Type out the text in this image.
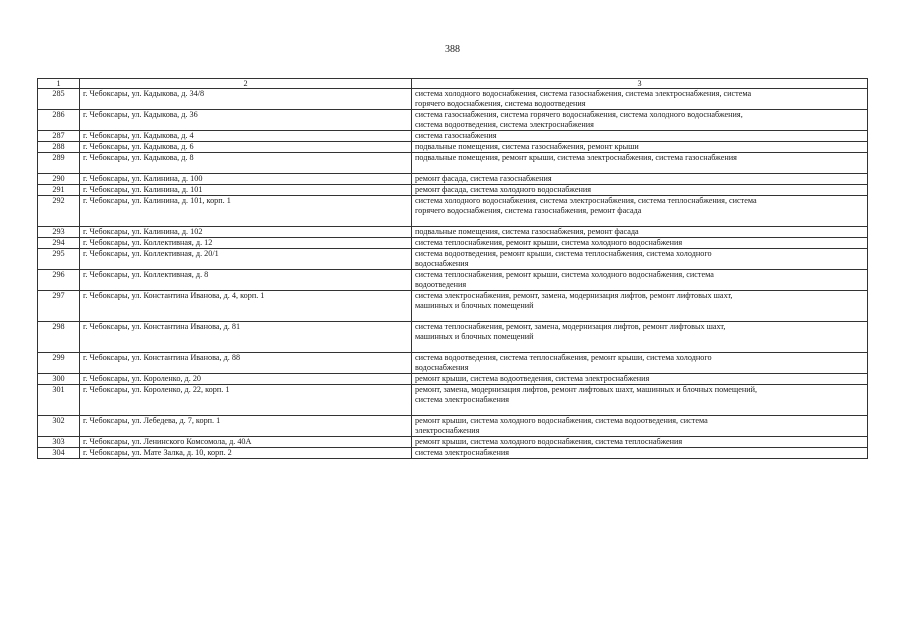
388
1	2	3
285	г. Чебоксары, ул. Кадыкова, д. 34/8	система холодного водоснабжения, система газоснабжения, система электроснабжения, система
горячего водоснабжения, система водоотведения

286	г. Чебоксары, ул. Кадыкова, д. 36	система газоснабжения, система горячего водоснабжения, система холодного водоснабжения,
система водоотведения, система электроснабжения

287	г. Чебоксары, ул. Кадыкова, д. 4	система газоснабжения

288	г. Чебоксары, ул. Кадыкова, д. 6	подвальные помещения, система газоснабжения, ремонт крыши

289	г. Чебоксары, ул. Кадыкова, д. 8	подвальные помещения, ремонт крыши, система электроснабжения, система газоснабжения

290	г. Чебоксары, ул. Калинина, д. 100	ремонт фасада, система газоснабжения

291	г. Чебоксары, ул. Калинина, д. 101	ремонт фасада, система холодного водоснабжения

292	г. Чебоксары, ул. Калинина, д. 101, корп. 1	система холодного водоснабжения, система электроснабжения, система теплоснабжения, система
горячего водоснабжения, система газоснабжения, ремонт фасада

293	г. Чебоксары, ул. Калинина, д. 102	подвальные помещения, система газоснабжения, ремонт фасада

294	г. Чебоксары, ул. Коллективная, д. 12	система теплоснабжения, ремонт крыши, система холодного водоснабжения

295	г. Чебоксары, ул. Коллективная, д. 20/1	система водоотведения, ремонт крыши, система теплоснабжения, система холодного
водоснабжения

296	г. Чебоксары, ул. Коллективная, д. 8	система теплоснабжения, ремонт крыши, система холодного водоснабжения, система
водоотведения

297	г. Чебоксары, ул. Константина Иванова, д. 4, корп. 1	система электроснабжения, ремонт, замена, модернизация лифтов, ремонт лифтовых шахт,
машинных и блочных помещений

298	г. Чебоксары, ул. Константина Иванова, д. 81	система теплоснабжения, ремонт, замена, модернизация лифтов, ремонт лифтовых шахт,
машинных и блочных помещений

299	г. Чебоксары, ул. Константина Иванова, д. 88	система водоотведения, система теплоснабжения, ремонт крыши, система холодного
водоснабжения

300	г. Чебоксары, ул. Короленко, д. 20	ремонт крыши, система водоотведения, система электроснабжения

301	г. Чебоксары, ул. Короленко, д. 22, корп. 1	ремонт, замена, модернизация лифтов, ремонт лифтовых шахт, машинных и блочных помещений,
система электроснабжения

302	г. Чебоксары, ул. Лебедева, д. 7, корп. 1	ремонт крыши, система холодного водоснабжения, система водоотведения, система
электроснабжения

303	г. Чебоксары, ул. Ленинского Комсомола, д. 40А	ремонт крыши, система холодного водоснабжения, система теплоснабжения

304	г. Чебоксары, ул. Мате Залка, д. 10, корп. 2	система электроснабжения
